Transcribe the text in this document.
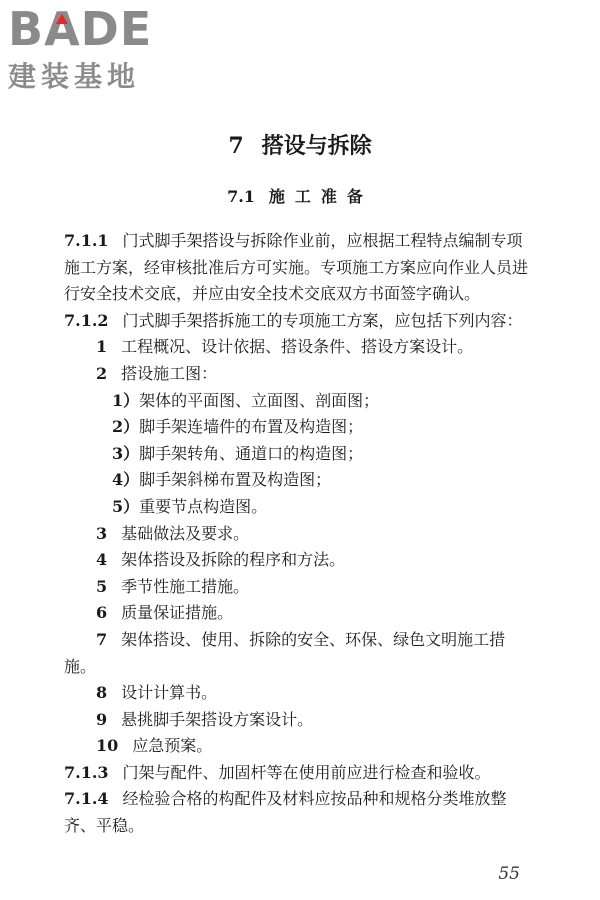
B A DE
建装基地
7 搭设与拆除
7.1 施工准备

7.1.1 门式脚手架搭设与拆除作业前，应根据工程特点编制专项施工方案，经审核批准后方可实施。专项施工方案应向作业人员进行安全技术交底，并应由安全技术交底双方书面签字确认。

7.1.2 门式脚手架搭拆施工的专项施工方案，应包括下列内容：

1 工程概况、设计依据、搭设条件、搭设方案设计。

2 搭设施工图：

1）架体的平面图、立面图、剖面图；

2）脚手架连墙件的布置及构造图；

3）脚手架转角、通道口的构造图；

4）脚手架斜梯布置及构造图；

5）重要节点构造图。

3 基础做法及要求。

4 架体搭设及拆除的程序和方法。

5 季节性施工措施。

6 质量保证措施。

7 架体搭设、使用、拆除的安全、环保、绿色文明施工措施。

8 设计计算书。

9 悬挑脚手架搭设方案设计。

10 应急预案。

7.1.3 门架与配件、加固杆等在使用前应进行检查和验收。

7.1.4 经检验合格的构配件及材料应按品种和规格分类堆放整齐、平稳。

55
